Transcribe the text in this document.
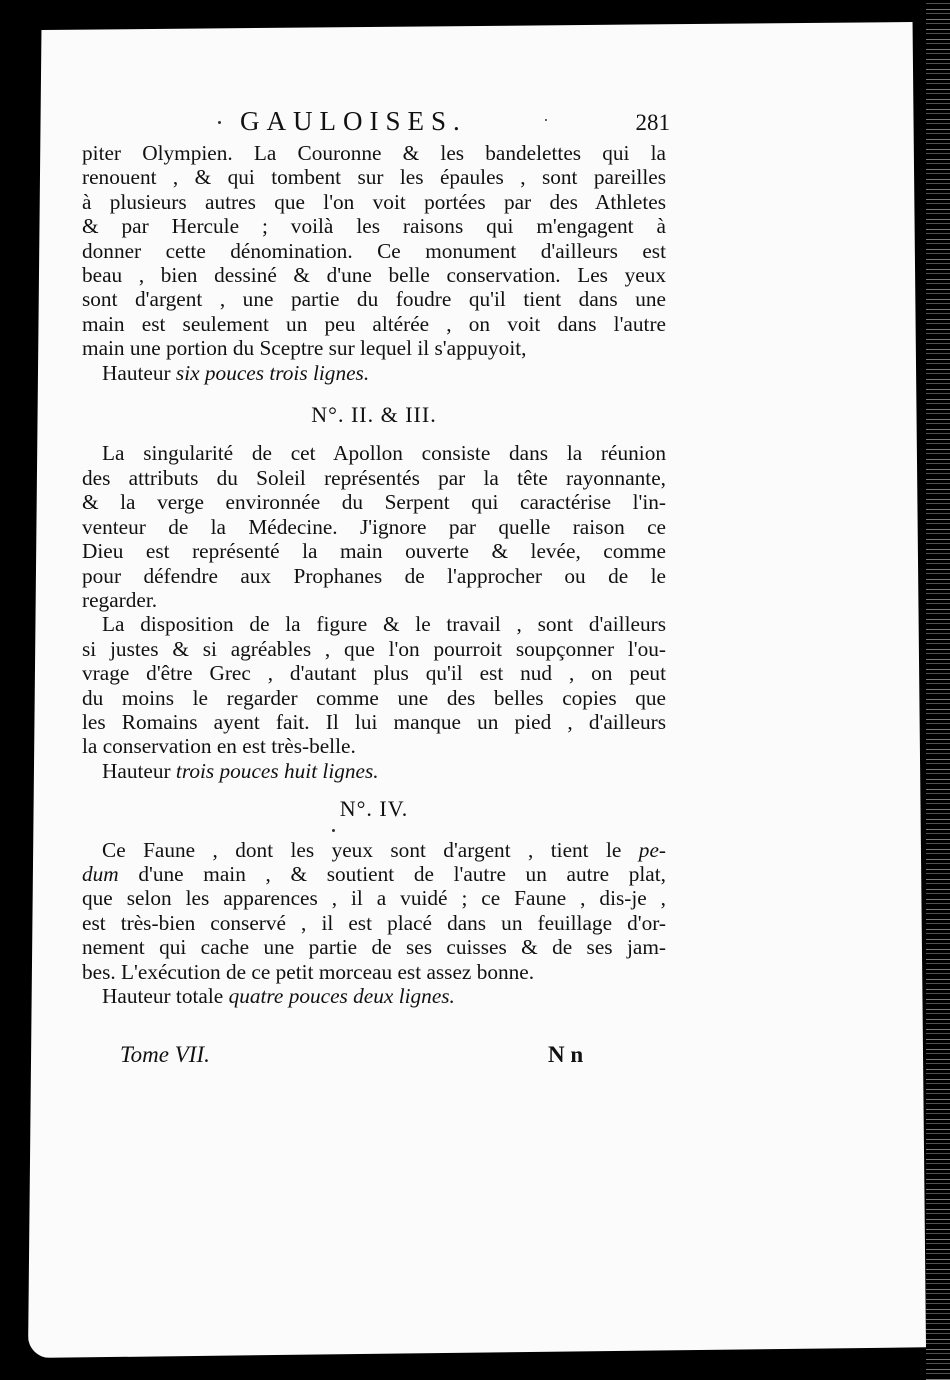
GAULOISES.	281
piter Olympien. La Couronne & les bandelettes qui la
renouent , & qui tombent sur les épaules , sont pareilles
à plusieurs autres que l'on voit portées par des Athletes
& par Hercule ; voilà les raisons qui m'engagent à
donner cette dénomination. Ce monument d'ailleurs est
beau , bien dessiné & d'une belle conservation. Les yeux
sont d'argent , une partie du foudre qu'il tient dans une
main est seulement un peu altérée , on voit dans l'autre
main une portion du Sceptre sur lequel il s'appuyoit,
Hauteur six pouces trois lignes.
N°. II. & III.
La singularité de cet Apollon consiste dans la réunion
des attributs du Soleil représentés par la tête rayonnante,
& la verge environnée du Serpent qui caractérise l'in-
venteur de la Médecine. J'ignore par quelle raison ce
Dieu est représenté la main ouverte & levée, comme
pour défendre aux Prophanes de l'approcher ou de le
regarder.
La disposition de la figure & le travail , sont d'ailleurs
si justes & si agréables , que l'on pourroit soupçonner l'ou-
vrage d'être Grec , d'autant plus qu'il est nud , on peut
du moins le regarder comme une des belles copies que
les Romains ayent fait. Il lui manque un pied , d'ailleurs
la conservation en est très-belle.
Hauteur trois pouces huit lignes.
N°. IV.
Ce Faune , dont les yeux sont d'argent , tient le pe-
dum d'une main , & soutient de l'autre un autre plat,
que selon les apparences , il a vuidé ; ce Faune , dis-je ,
est très-bien conservé , il est placé dans un feuillage d'or-
nement qui cache une partie de ses cuisses & de ses jam-
bes. L'exécution de ce petit morceau est assez bonne.
Hauteur totale quatre pouces deux lignes.
Tome VII.	N n
